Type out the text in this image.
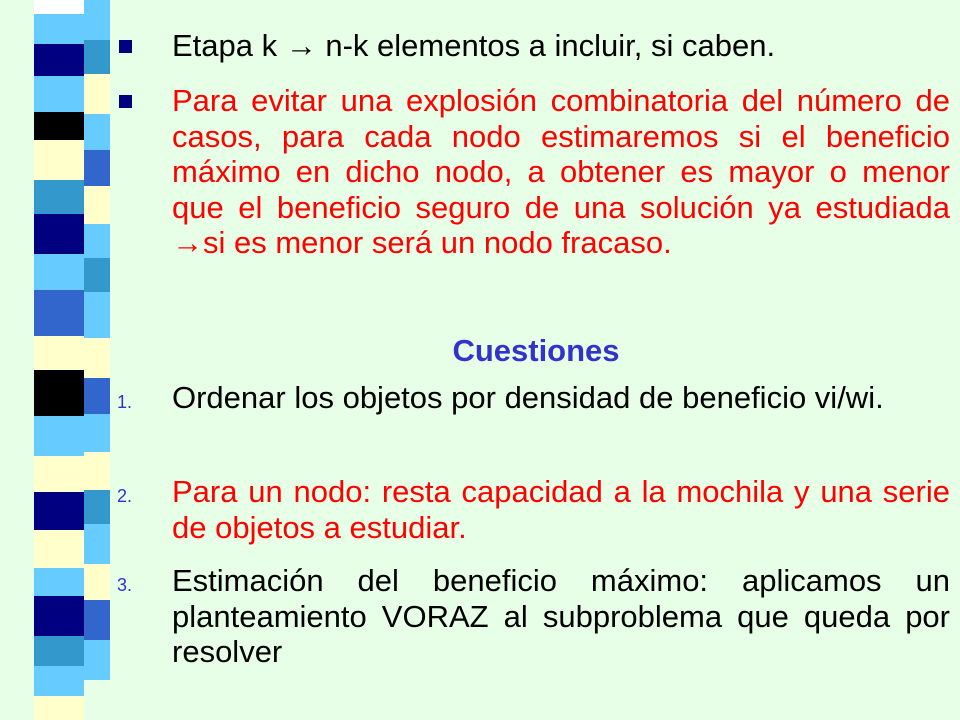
Etapa k → n-k elementos a incluir, si caben.
Para evitar una explosión combinatoria del número de casos, para cada nodo estimaremos si el beneficio máximo en dicho nodo, a obtener es mayor o menor que el beneficio seguro de una solución ya estudiada →si es menor será un nodo fracaso.
Cuestiones
1. Ordenar los objetos por densidad de beneficio vi/wi.
2. Para un nodo: resta capacidad a la mochila y una serie de objetos a estudiar.
3. Estimación del beneficio máximo: aplicamos un planteamiento VORAZ al subproblema que queda por resolver
